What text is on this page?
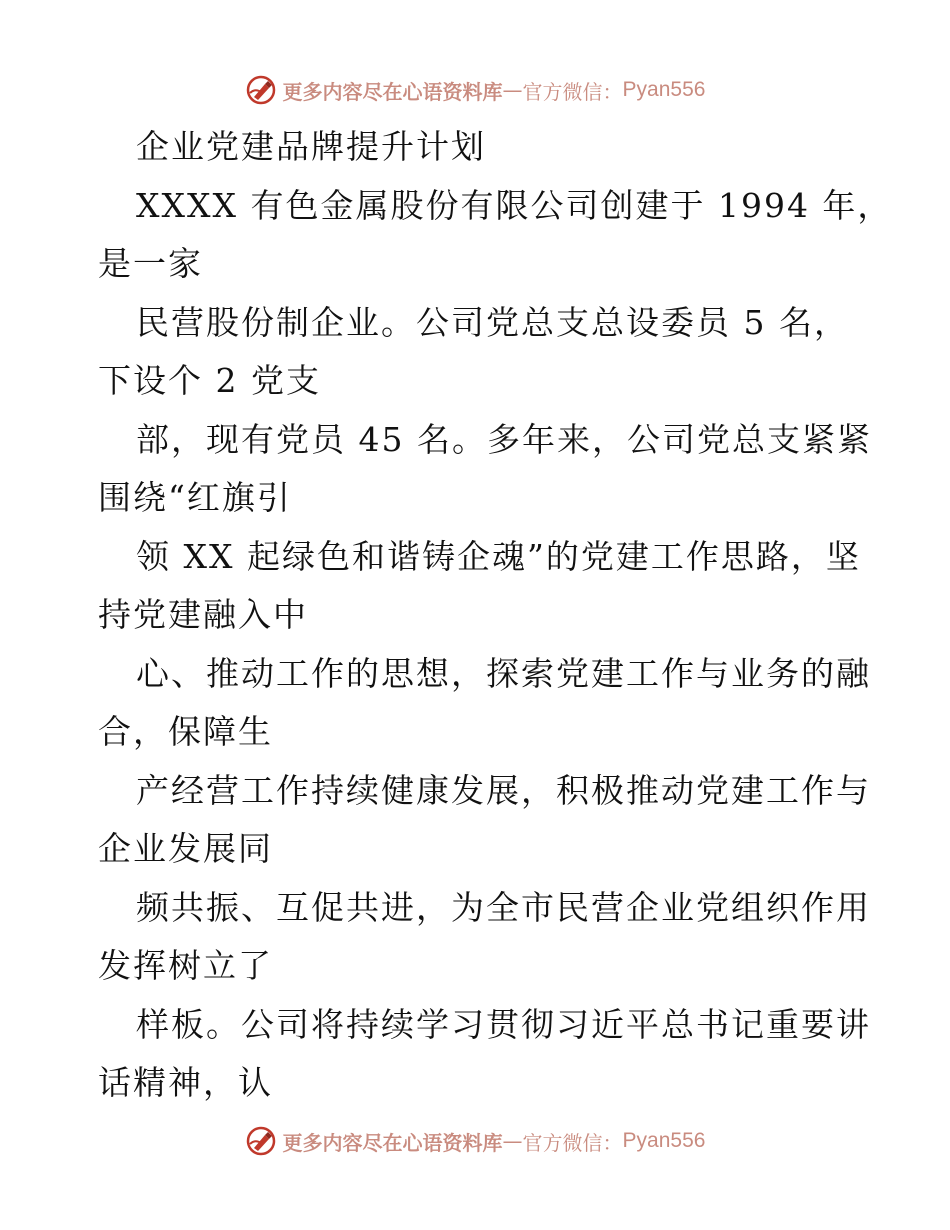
更多内容尽在心语资料库 — 官方微信： Pyan556
企业党建品牌提升计划
XXXX 有色金属股份有限公司创建于 1994 年，
是一家
民营股份制企业。公司党总支总设委员 5 名，
下设个 2 党支
部，现有党员 45 名。多年来，公司党总支紧紧
围绕“红旗引
领 XX 起绿色和谐铸企魂”的党建工作思路，坚
持党建融入中
心、推动工作的思想，探索党建工作与业务的融
合，保障生
产经营工作持续健康发展，积极推动党建工作与
企业发展同
频共振、互促共进，为全市民营企业党组织作用
发挥树立了
样板。公司将持续学习贯彻习近平总书记重要讲
话精神，认
更多内容尽在心语资料库 — 官方微信： Pyan556
